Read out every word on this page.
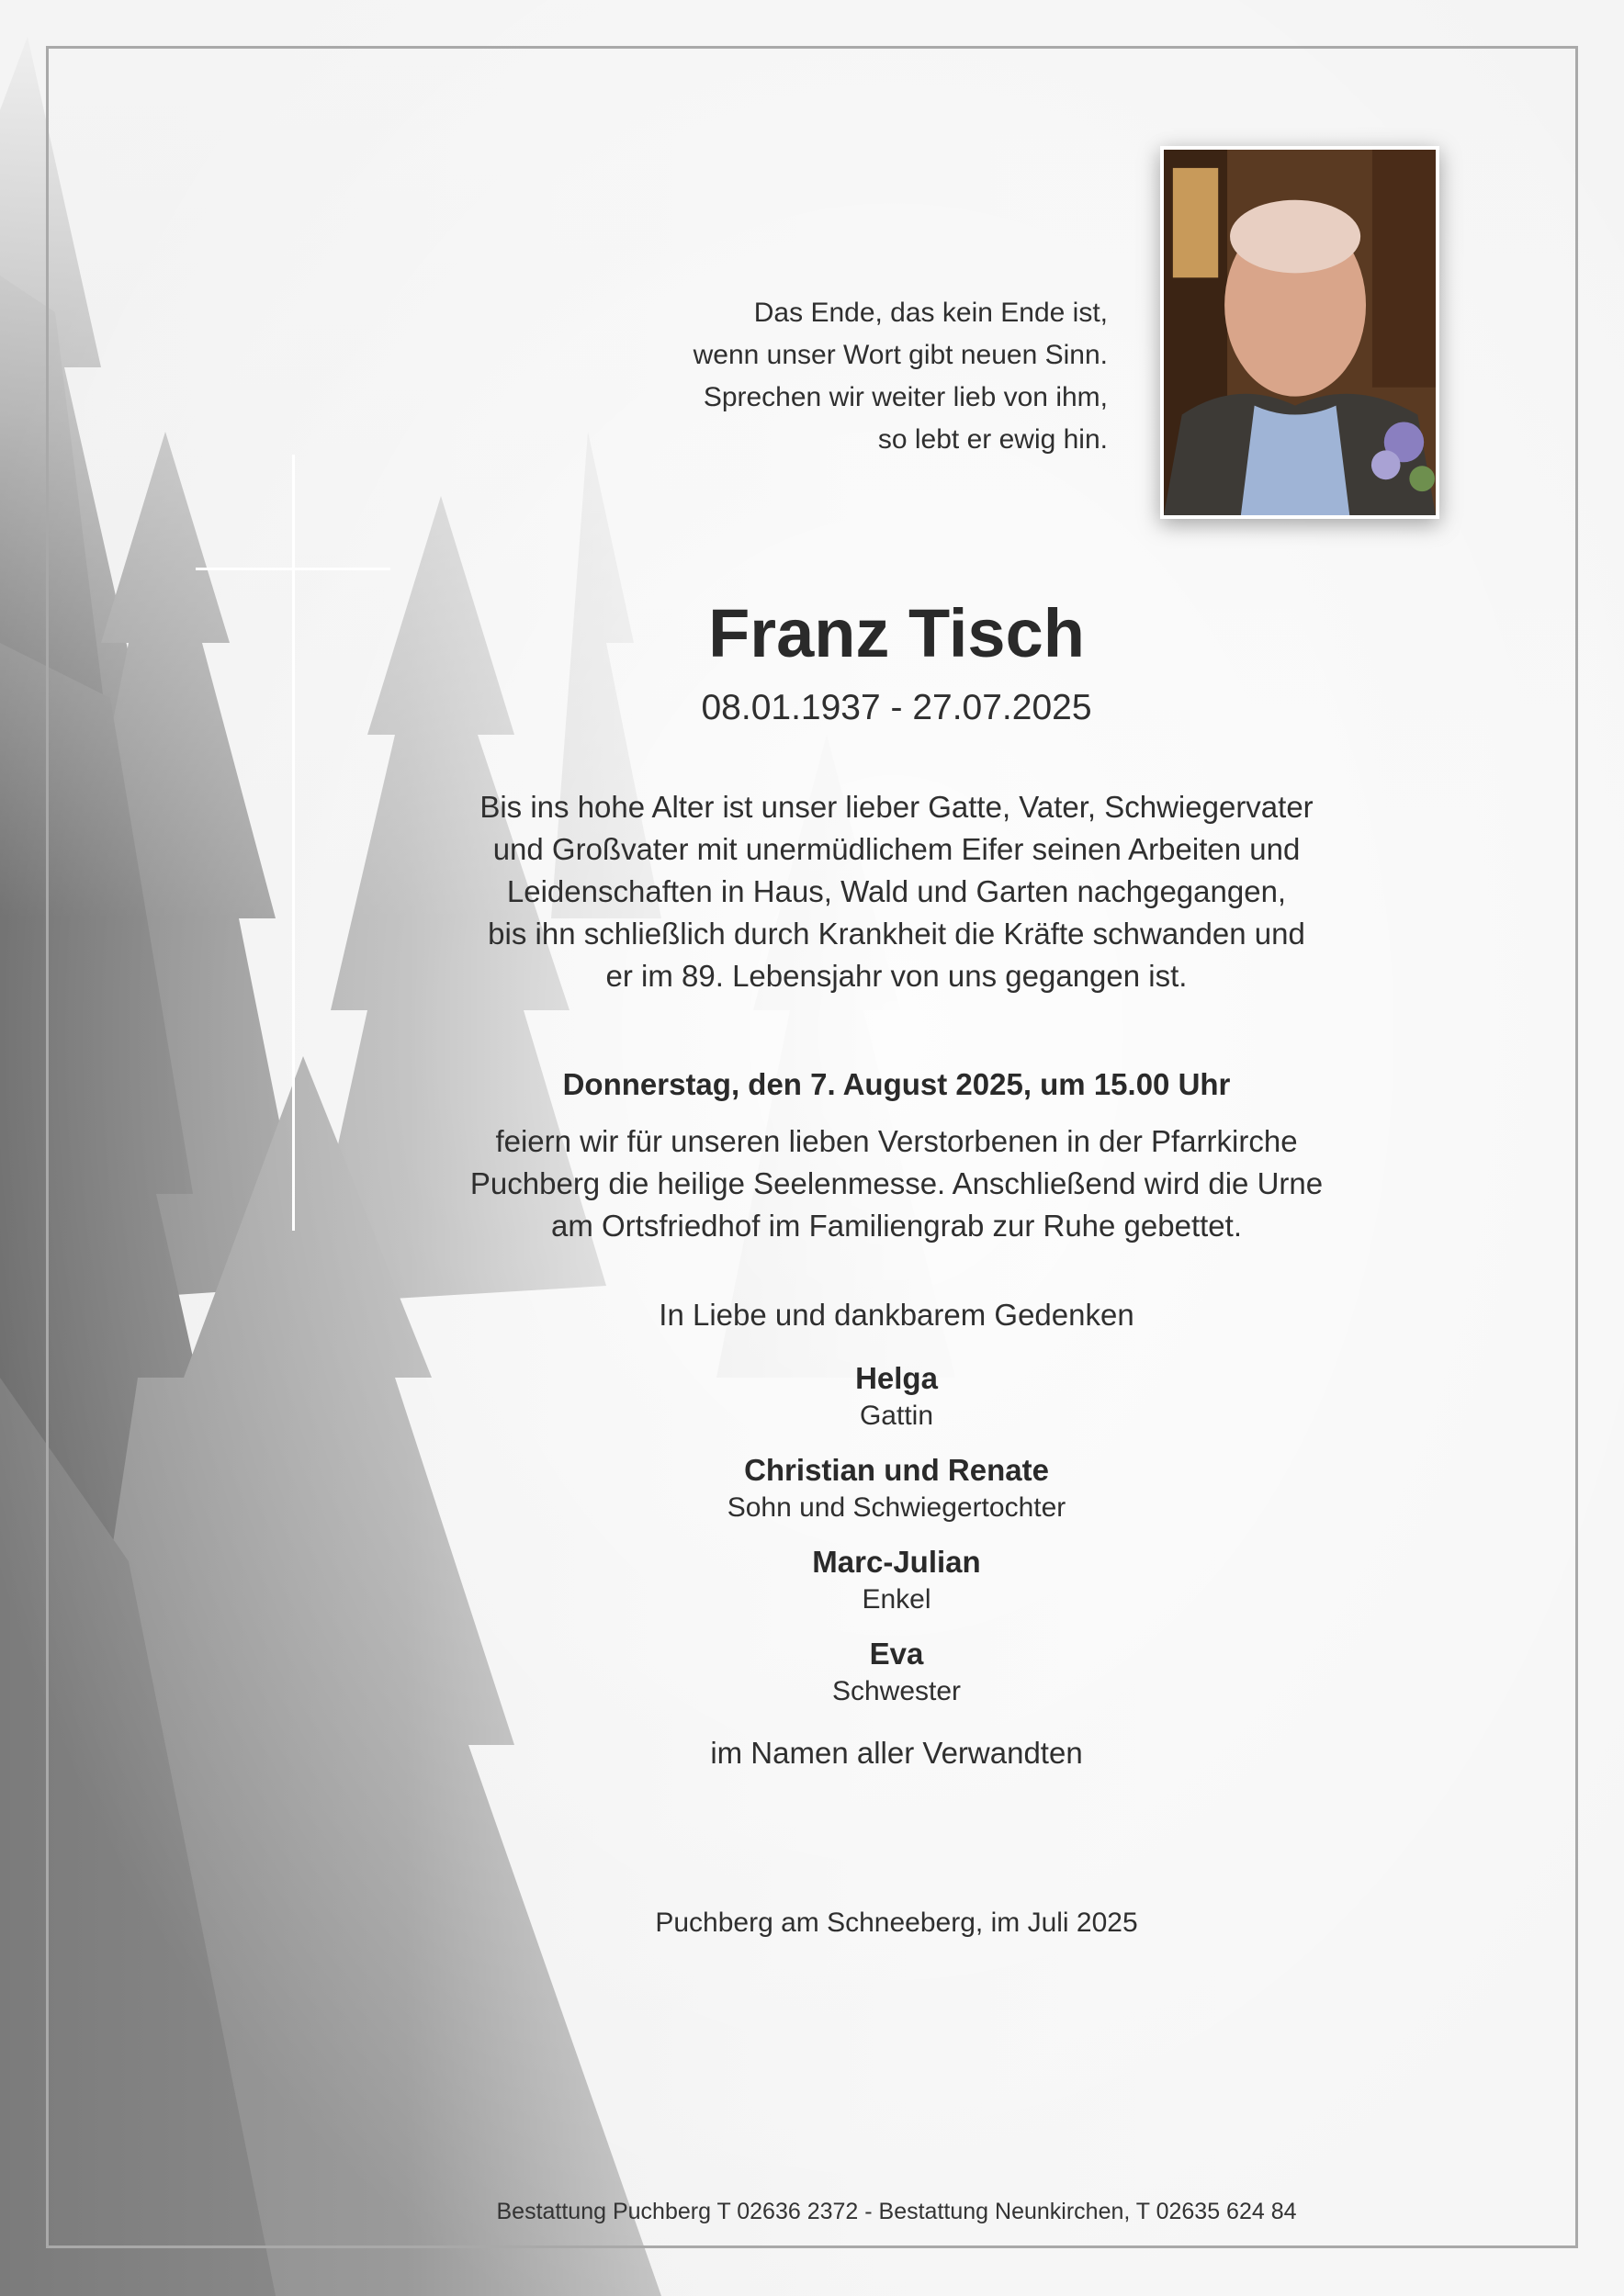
Das Ende, das kein Ende ist,
wenn unser Wort gibt neuen Sinn.
Sprechen wir weiter lieb von ihm,
so lebt er ewig hin.
Franz Tisch
08.01.1937 - 27.07.2025
Bis ins hohe Alter ist unser lieber Gatte, Vater, Schwiegervater
und Großvater mit unermüdlichem Eifer seinen Arbeiten und
Leidenschaften in Haus, Wald und Garten nachgegangen,
bis ihn schließlich durch Krankheit die Kräfte schwanden und
er im 89. Lebensjahr von uns gegangen ist.
Donnerstag, den 7. August 2025, um 15.00 Uhr
feiern wir für unseren lieben Verstorbenen in der Pfarrkirche
Puchberg die heilige Seelenmesse. Anschließend wird die Urne
am Ortsfriedhof im Familiengrab zur Ruhe gebettet.
In Liebe und dankbarem Gedenken
Helga
Gattin
Christian und Renate
Sohn und Schwiegertochter
Marc-Julian
Enkel
Eva
Schwester
im Namen aller Verwandten
Puchberg am Schneeberg, im Juli 2025
Bestattung Puchberg T 02636 2372 - Bestattung Neunkirchen, T 02635 624 84
